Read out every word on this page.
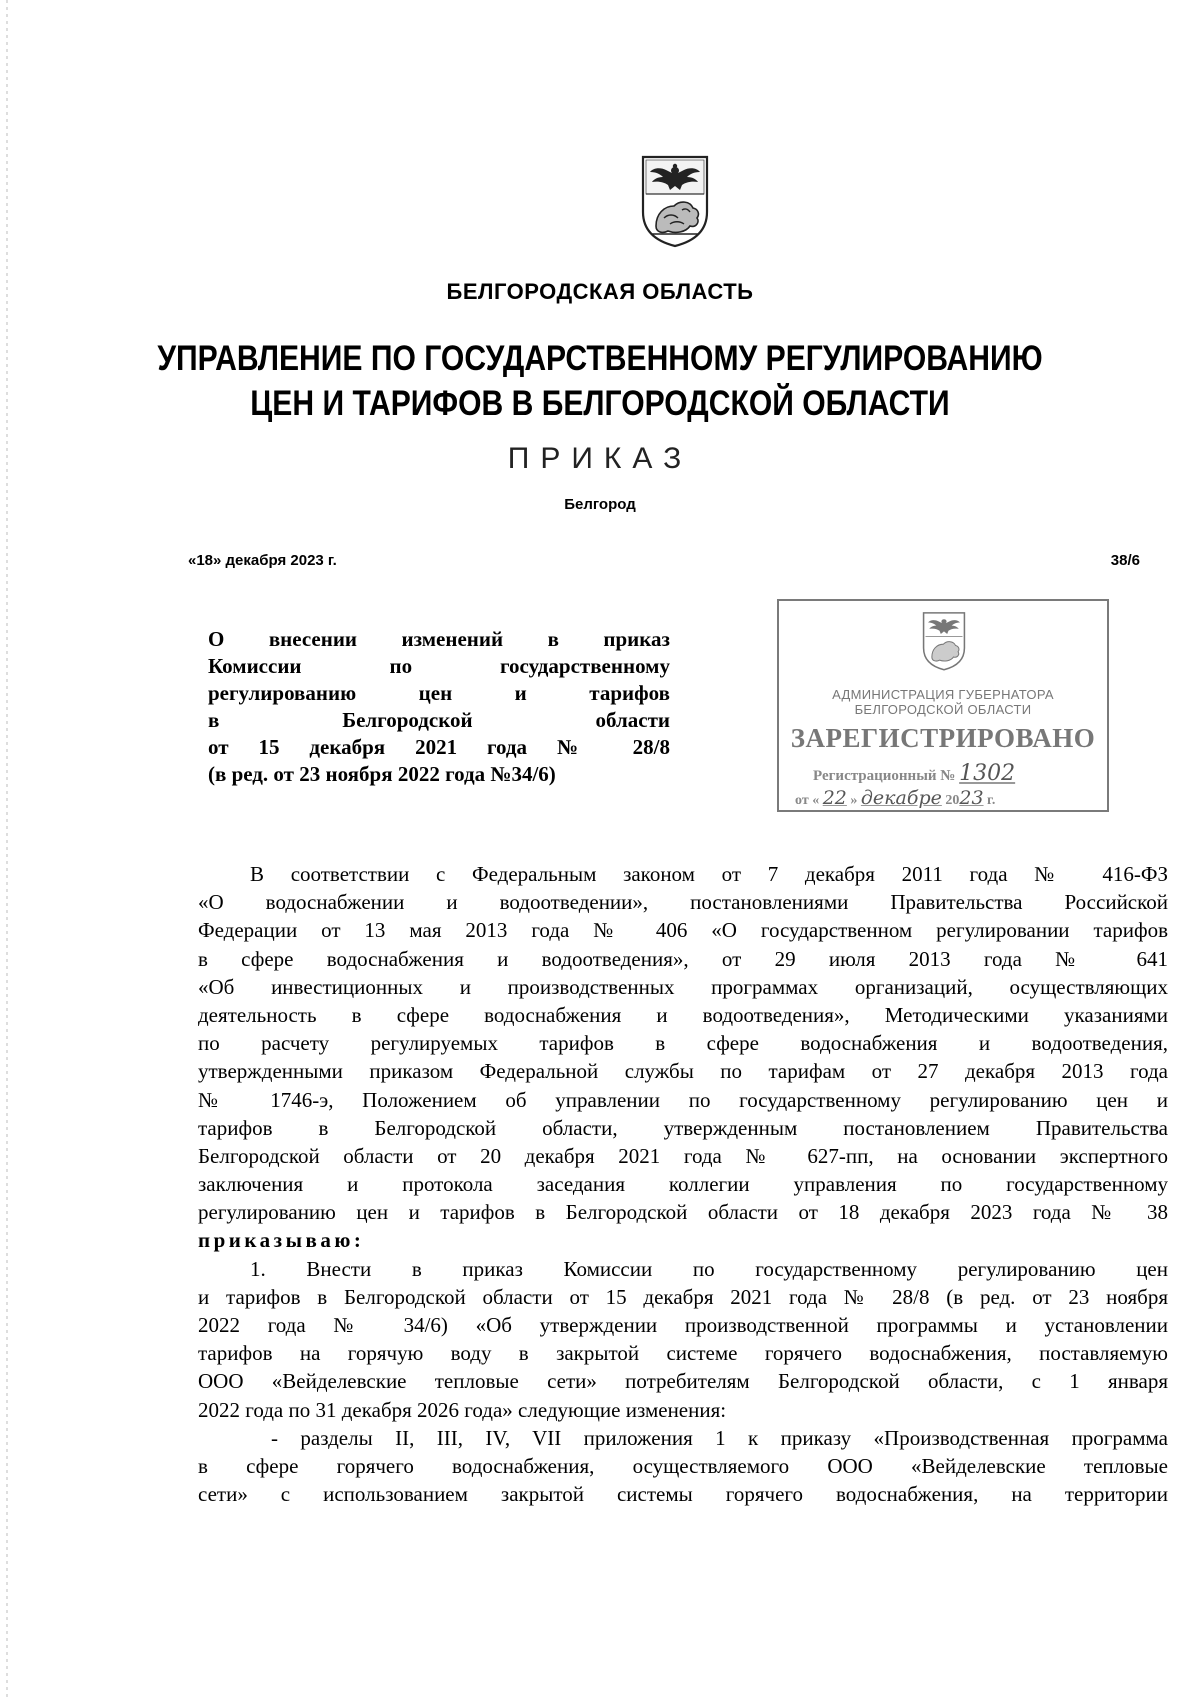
БЕЛГОРОДСКАЯ ОБЛАСТЬ
УПРАВЛЕНИЕ ПО ГОСУДАРСТВЕННОМУ РЕГУЛИРОВАНИЮ
ЦЕН И ТАРИФОВ В БЕЛГОРОДСКОЙ ОБЛАСТИ
ПРИКАЗ
Белгород
«18» декабря 2023 г.	38/6
О внесении изменений в приказ
Комиссии по государственному
регулированию цен и тарифов
в Белгородской области
от 15 декабря 2021 года № 28/8
(в ред. от 23 ноября 2022 года №34/6)
АДМИНИСТРАЦИЯ ГУБЕРНАТОРА
БЕЛГОРОДСКОЙ ОБЛАСТИ
ЗАРЕГИСТРИРОВАНО
Регистрационный № 1302
от « 22 » декабре 2023 г.
В соответствии с Федеральным законом от 7 декабря 2011 года № 416-ФЗ
«О водоснабжении и водоотведении», постановлениями Правительства Российской
Федерации от 13 мая 2013 года № 406 «О государственном регулировании тарифов
в сфере водоснабжения и водоотведения», от 29 июля 2013 года № 641
«Об инвестиционных и производственных программах организаций, осуществляющих
деятельность в сфере водоснабжения и водоотведения», Методическими указаниями
по расчету регулируемых тарифов в сфере водоснабжения и водоотведения,
утвержденными приказом Федеральной службы по тарифам от 27 декабря 2013 года
№ 1746-э, Положением об управлении по государственному регулированию цен и
тарифов в Белгородской области, утвержденным постановлением Правительства
Белгородской области от 20 декабря 2021 года № 627-пп, на основании экспертного
заключения и протокола заседания коллегии управления по государственному
регулированию цен и тарифов в Белгородской области от 18 декабря 2023 года № 38
приказываю:
1. Внести в приказ Комиссии по государственному регулированию цен
и тарифов в Белгородской области от 15 декабря 2021 года № 28/8 (в ред. от 23 ноября
2022 года № 34/6) «Об утверждении производственной программы и установлении
тарифов на горячую воду в закрытой системе горячего водоснабжения, поставляемую
ООО «Вейделевские тепловые сети» потребителям Белгородской области, с 1 января
2022 года по 31 декабря 2026 года» следующие изменения:
- разделы II, III, IV, VII приложения 1 к приказу «Производственная программа
в сфере горячего водоснабжения, осуществляемого ООО «Вейделевские тепловые
сети» с использованием закрытой системы горячего водоснабжения, на территории
